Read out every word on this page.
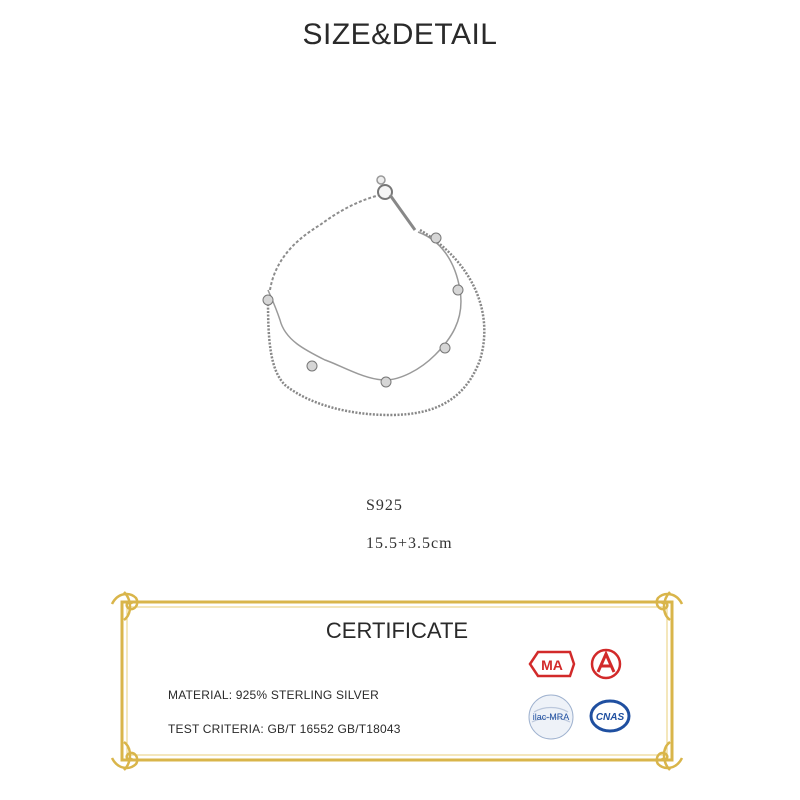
SIZE&DETAIL
S925
15.5+3.5cm
CERTIFICATE
MATERIAL: 925% STERLING SILVER
TEST CRITERIA: GB/T 16552 GB/T18043
MA
ilac-MRA	CNAS
